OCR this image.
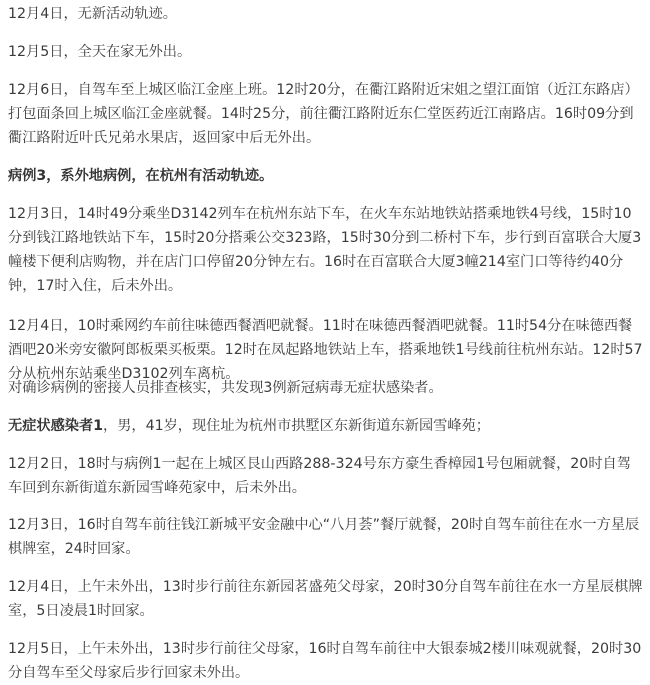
12月4日，无新活动轨迹。

12月5日，全天在家无外出。

12月6日，自驾车至上城区临江金座上班。12时20分，在衢江路附近宋姐之望江面馆（近江东路店）打包面条回上城区临江金座就餐。14时25分，前往衢江路附近东仁堂医药近江南路店。16时09分到衢江路附近叶氏兄弟水果店，返回家中后无外出。

病例3，系外地病例，在杭州有活动轨迹。

12月3日，14时49分乘坐D3142列车在杭州东站下车，在火车东站地铁站搭乘地铁4号线，15时10分到钱江路地铁站下车，15时20分搭乘公交323路，15时30分到二桥村下车，步行到百富联合大厦3幢楼下便利店购物，并在店门口停留20分钟左右。16时在百富联合大厦3幢214室门口等待约40分钟，17时入住，后未外出。

12月4日，10时乘网约车前往味德西餐酒吧就餐。11时在味德西餐酒吧就餐。11时54分在味德西餐酒吧20米旁安徽阿郎板栗买板栗。12时在凤起路地铁站上车，搭乘地铁1号线前往杭州东站。12时57分从杭州东站乘坐D3102列车离杭。

对确诊病例的密接人员排查核实，共发现3例新冠病毒无症状感染者。

无症状感染者1，男，41岁，现住址为杭州市拱墅区东新街道东新园雪峰苑；

12月2日，18时与病例1一起在上城区艮山西路288-324号东方豪生香樟园1号包厢就餐，20时自驾车回到东新街道东新园雪峰苑家中，后未外出。

12月3日，16时自驾车前往钱江新城平安金融中心“八月荟”餐厅就餐，20时自驾车前往在水一方星辰棋牌室，24时回家。

12月4日，上午未外出，13时步行前往东新园茗盛苑父母家，20时30分自驾车前往在水一方星辰棋牌室，5日凌晨1时回家。

12月5日，上午未外出，13时步行前往父母家，16时自驾车前往中大银泰城2楼川味观就餐，20时30分自驾车至父母家后步行回家未外出。
